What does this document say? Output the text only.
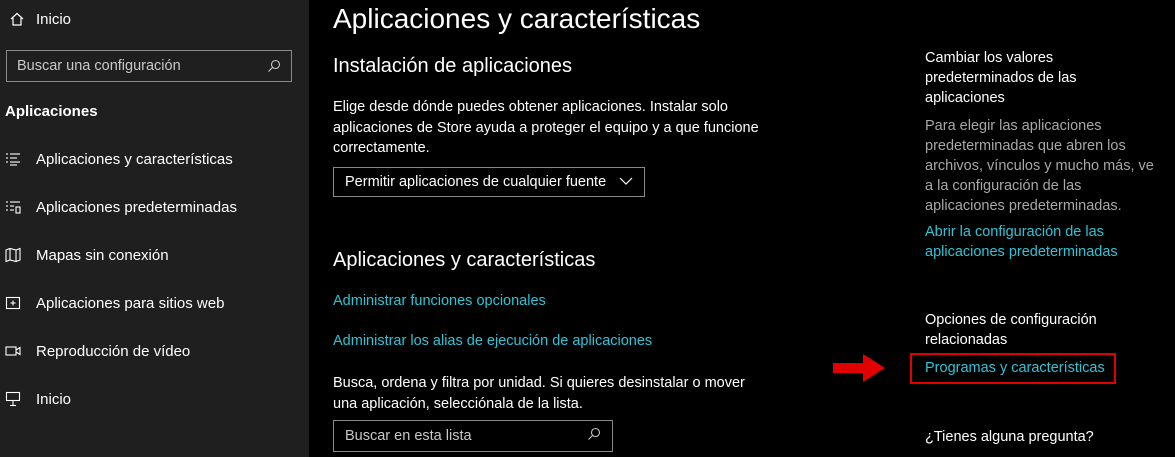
Inicio
Buscar una configuración
Aplicaciones
Aplicaciones y características
Aplicaciones predeterminadas
Mapas sin conexión
Aplicaciones para sitios web
Reproducción de vídeo
Inicio
Aplicaciones y características
Instalación de aplicaciones
Elige desde dónde puedes obtener aplicaciones. Instalar solo aplicaciones de Store ayuda a proteger el equipo y a que funcione correctamente.
Permitir aplicaciones de cualquier fuente
Aplicaciones y características
Administrar funciones opcionales
Administrar los alias de ejecución de aplicaciones
Busca, ordena y filtra por unidad. Si quieres desinstalar o mover una aplicación, selecciónala de la lista.
Buscar en esta lista
Cambiar los valores predeterminados de las aplicaciones
Para elegir las aplicaciones predeterminadas que abren los archivos, vínculos y mucho más, ve a la configuración de las aplicaciones predeterminadas.
Abrir la configuración de las aplicaciones predeterminadas
Opciones de configuración relacionadas
Programas y características
¿Tienes alguna pregunta?
